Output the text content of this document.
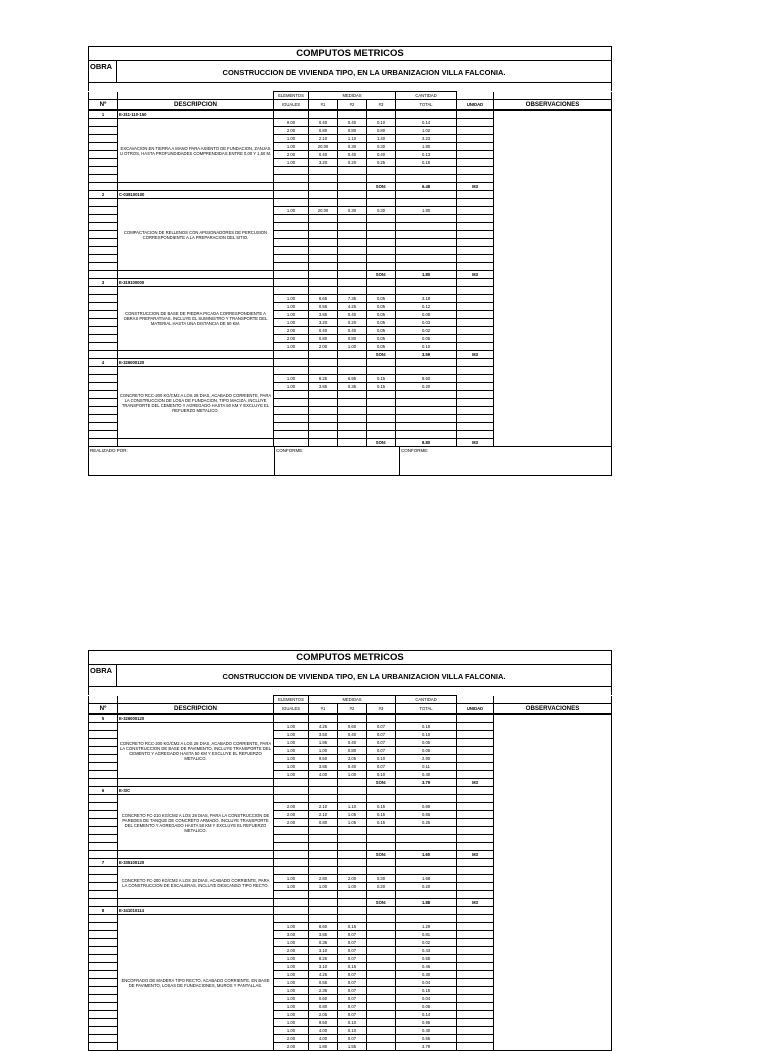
COMPUTOS METRICOS
OBRA
CONSTRUCCION DE VIVIENDA TIPO, EN LA URBANIZACION VILLA FALCONIA.
		ELEMENTOS	MEDIDAS			CANTIDAD		
Nº	DESCRIPCION	IGUALES	#1	#2	#3	TOTAL	UNIDAD	OBSERVACIONES
1	E-311-110-150							
	EXCAVACION EN TIERRA A MANO PARA ASIENTO DE FUNDACION, ZANJAS U OTROS, HASTA PROFUNDIDADES COMPRENDIDAS ENTRE 0,00 Y 1,50 M.	9.00	0.40	0.40	0.10	0.14		
		2.00	0.80	0.80	0.80	1.02		
		1.00	2.10	1.10	1.40	3.23		
		1.00	20.00	0.30	0.30	1.80		
		2.00	0.40	0.40	0.40	0.13		
		1.00	3.20	0.20	0.25	0.16		

					SON:	6.48	M3	
2	C-038100100							
	COMPACTACION DE RELLENOS CON APISIONADORES DE PERCUSION CORRESPONDIENTE A LA PREPARACION DEL SITIO.							
		1.00	20.00	0.30	0.30	1.80		

					SON:	1.80	M3	
3	E-319100000							
	CONSTRUCCION DE BASE DE PIEDRA PICADA CORRESPONDIENTE A OBRAS PREPARATIVAS. INCLUYE EL SUMINISTRO Y TRANSPORTE DEL MATERIAL HASTA UNA DISTANCIA DE 50 KM.							
		1.00	8.65	7.35	0.05	3.18		
		1.00	0.55	4.25	0.05	0.12		
		1.00	3.85	0.40	0.05	0.08		
		1.00	3.20	0.20	0.05	0.03		
		2.00	0.40	0.40	0.05	0.02		
		2.00	0.80	0.80	0.05	0.06		
		1.00	2.00	1.00	0.05	0.10		
					SON:	3.59	M3	
4	E-326000120							
	CONCRETO RCC-200 KG/CM2 A LOS 28 DIAS, ACABADO CORRIENTE, PARA LA CONSTRUCCION DE LOSA DE FUNDACION, TIPO MACIZA. INCLUYE TRANSPORTE DEL CEMENTO Y AGREGADO HASTA 50 KM Y EXCLUYE EL REFUERZO METALICO.							
		1.00	8.25	6.95	0.15	8.60		
		1.00	3.85	0.35	0.15	0.20		

					SON:	8.80	M3	
REALIZADO POR:	CONFORME:	CONFORME:
COMPUTOS METRICOS
OBRA
CONSTRUCCION DE VIVIENDA TIPO, EN LA URBANIZACION VILLA FALCONIA.
		ELEMENTOS	MEDIDAS			CANTIDAD		
Nº	DESCRIPCION	IGUALES	#1	#2	#3	TOTAL	UNIDAD	OBSERVACIONES
5	E-326000120							
	CONCRETO RCC-200 KG/CM2 A LOS 28 DIAS, ACABADO CORRIENTE, PARA LA CONSTRUCCION DE BASE DE PAVIMENTO, INCLUYE TRANSPORTE DEL CEMENTO Y AGREGADO HASTA 50 KM Y EXCLUYE EL REFUERZO METALICO.	1.00	4.25	0.60	0.07	0.18		
		1.00	3.50	0.40	0.07	0.10		
		1.00	1.95	0.40	0.07	0.05		
		1.00	1.00	0.80	0.07	0.06		
		1.00	9.50	3.05	0.10	2.90		
		1.00	3.85	0.40	0.07	0.11		
		1.00	4.00	1.00	0.10	0.40		
					SON:	3.79	M3	
6	E-S/C							
	CONCRETO FC-210 KG/CM2 A LOS 28 DIAS, PARA LA CONSTRUCCION DE PAREDES DE TANQUE DE CONCRETO ARMADO. INCLUYE TRANSPORTE DEL CEMENTO Y AGREGADO HASTA 50 KM Y EXCLUYE EL REFUERZO METALICO.							
		2.00	2.10	1.10	0.15	0.69		
		2.00	2.10	1.05	0.15	0.66		
		2.00	0.80	1.05	0.15	0.25		

					SON:	1.60	M3	
7	E-335100120							
	CONCRETO FC-200 KG/CM2 A LOS 28 DIAS, ACABADO CORRIENTE, PARA LA CONSTRUCCION DE ESCALERAS, INCLUYE DESCANSO TIPO RECTO.							
		1.00	2.80	2.00	0.30	1.68		
		1.00	1.00	1.00	0.20	0.20		

					SON:	1.88	M3	
8	E-341010114							
	ENCOFRADO DE MADERA TIPO RECTO, ACABADO CORRIENTE, EN BASE DE PAVIMENTO, LOSAS DE FUNDACIONES, MUROS Y PANTALLAS.							
		1.00	8.60	0.15		1.29		
		3.00	3.85	0.07		0.81		
		1.00	0.35	0.07		0.02		
		2.00	3.10	0.07		0.43		
		1.00	8.25	0.07		0.58		
		1.00	3.10	0.15		0.46		
		1.00	4.25	0.07		0.30		
		1.00	0.55	0.07		0.04		
		1.00	2.35	0.07		0.16		
		1.00	0.60	0.07		0.04		
		1.00	0.80	0.07		0.06		
		1.00	2.05	0.07		0.14		
		1.00	9.50	0.10		0.95		
		1.00	4.00	0.10		0.40		
		2.00	4.00	0.07		0.56		
		2.00	1.80	1.55		3.79		
